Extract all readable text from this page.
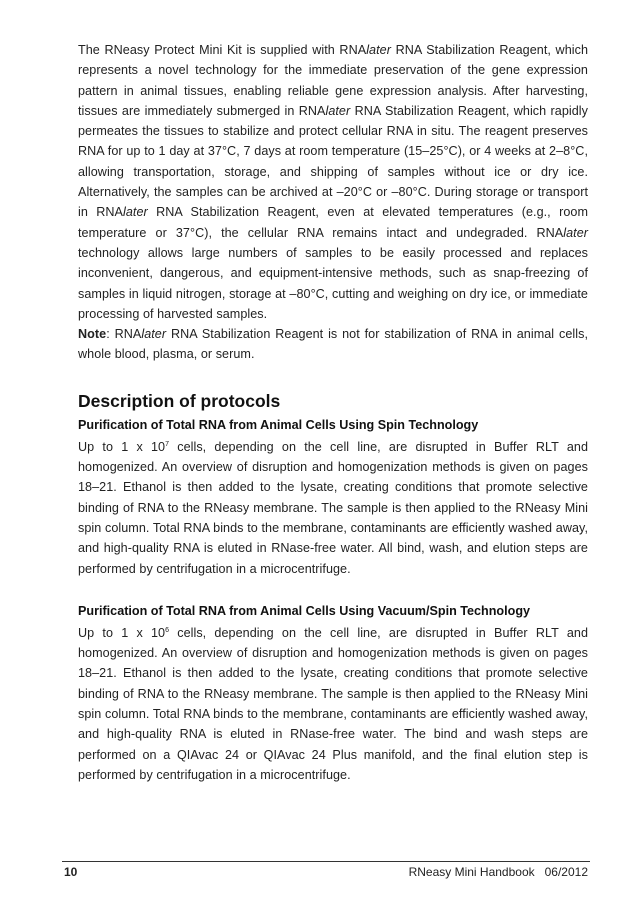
The RNeasy Protect Mini Kit is supplied with RNAlater RNA Stabilization Reagent, which represents a novel technology for the immediate preservation of the gene expression pattern in animal tissues, enabling reliable gene expression analysis. After harvesting, tissues are immediately submerged in RNAlater RNA Stabilization Reagent, which rapidly permeates the tissues to stabilize and protect cellular RNA in situ. The reagent preserves RNA for up to 1 day at 37°C, 7 days at room temperature (15–25°C), or 4 weeks at 2–8°C, allowing transportation, storage, and shipping of samples without ice or dry ice. Alternatively, the samples can be archived at –20°C or –80°C. During storage or transport in RNAlater RNA Stabilization Reagent, even at elevated temperatures (e.g., room temperature or 37°C), the cellular RNA remains intact and undegraded. RNAlater technology allows large numbers of samples to be easily processed and replaces inconvenient, dangerous, and equipment-intensive methods, such as snap-freezing of samples in liquid nitrogen, storage at –80°C, cutting and weighing on dry ice, or immediate processing of harvested samples.

Note: RNAlater RNA Stabilization Reagent is not for stabilization of RNA in animal cells, whole blood, plasma, or serum.

Description of protocols
Purification of Total RNA from Animal Cells Using Spin Technology

Up to 1 x $10^7$ cells, depending on the cell line, are disrupted in Buffer RLT and homogenized. An overview of disruption and homogenization methods is given on pages 18–21. Ethanol is then added to the lysate, creating conditions that promote selective binding of RNA to the RNeasy membrane. The sample is then applied to the RNeasy Mini spin column. Total RNA binds to the membrane, contaminants are efficiently washed away, and high-quality RNA is eluted in RNase-free water. All bind, wash, and elution steps are performed by centrifugation in a microcentrifuge.

Purification of Total RNA from Animal Cells Using Vacuum/Spin Technology

Up to 1 x $10^6$ cells, depending on the cell line, are disrupted in Buffer RLT and homogenized. An overview of disruption and homogenization methods is given on pages 18–21. Ethanol is then added to the lysate, creating conditions that promote selective binding of RNA to the RNeasy membrane. The sample is then applied to the RNeasy Mini spin column. Total RNA binds to the membrane, contaminants are efficiently washed away, and high-quality RNA is eluted in RNase-free water. The bind and wash steps are performed on a QIAvac 24 or QIAvac 24 Plus manifold, and the final elution step is performed by centrifugation in a microcentrifuge.

10	RNeasy Mini Handbook   06/2012
